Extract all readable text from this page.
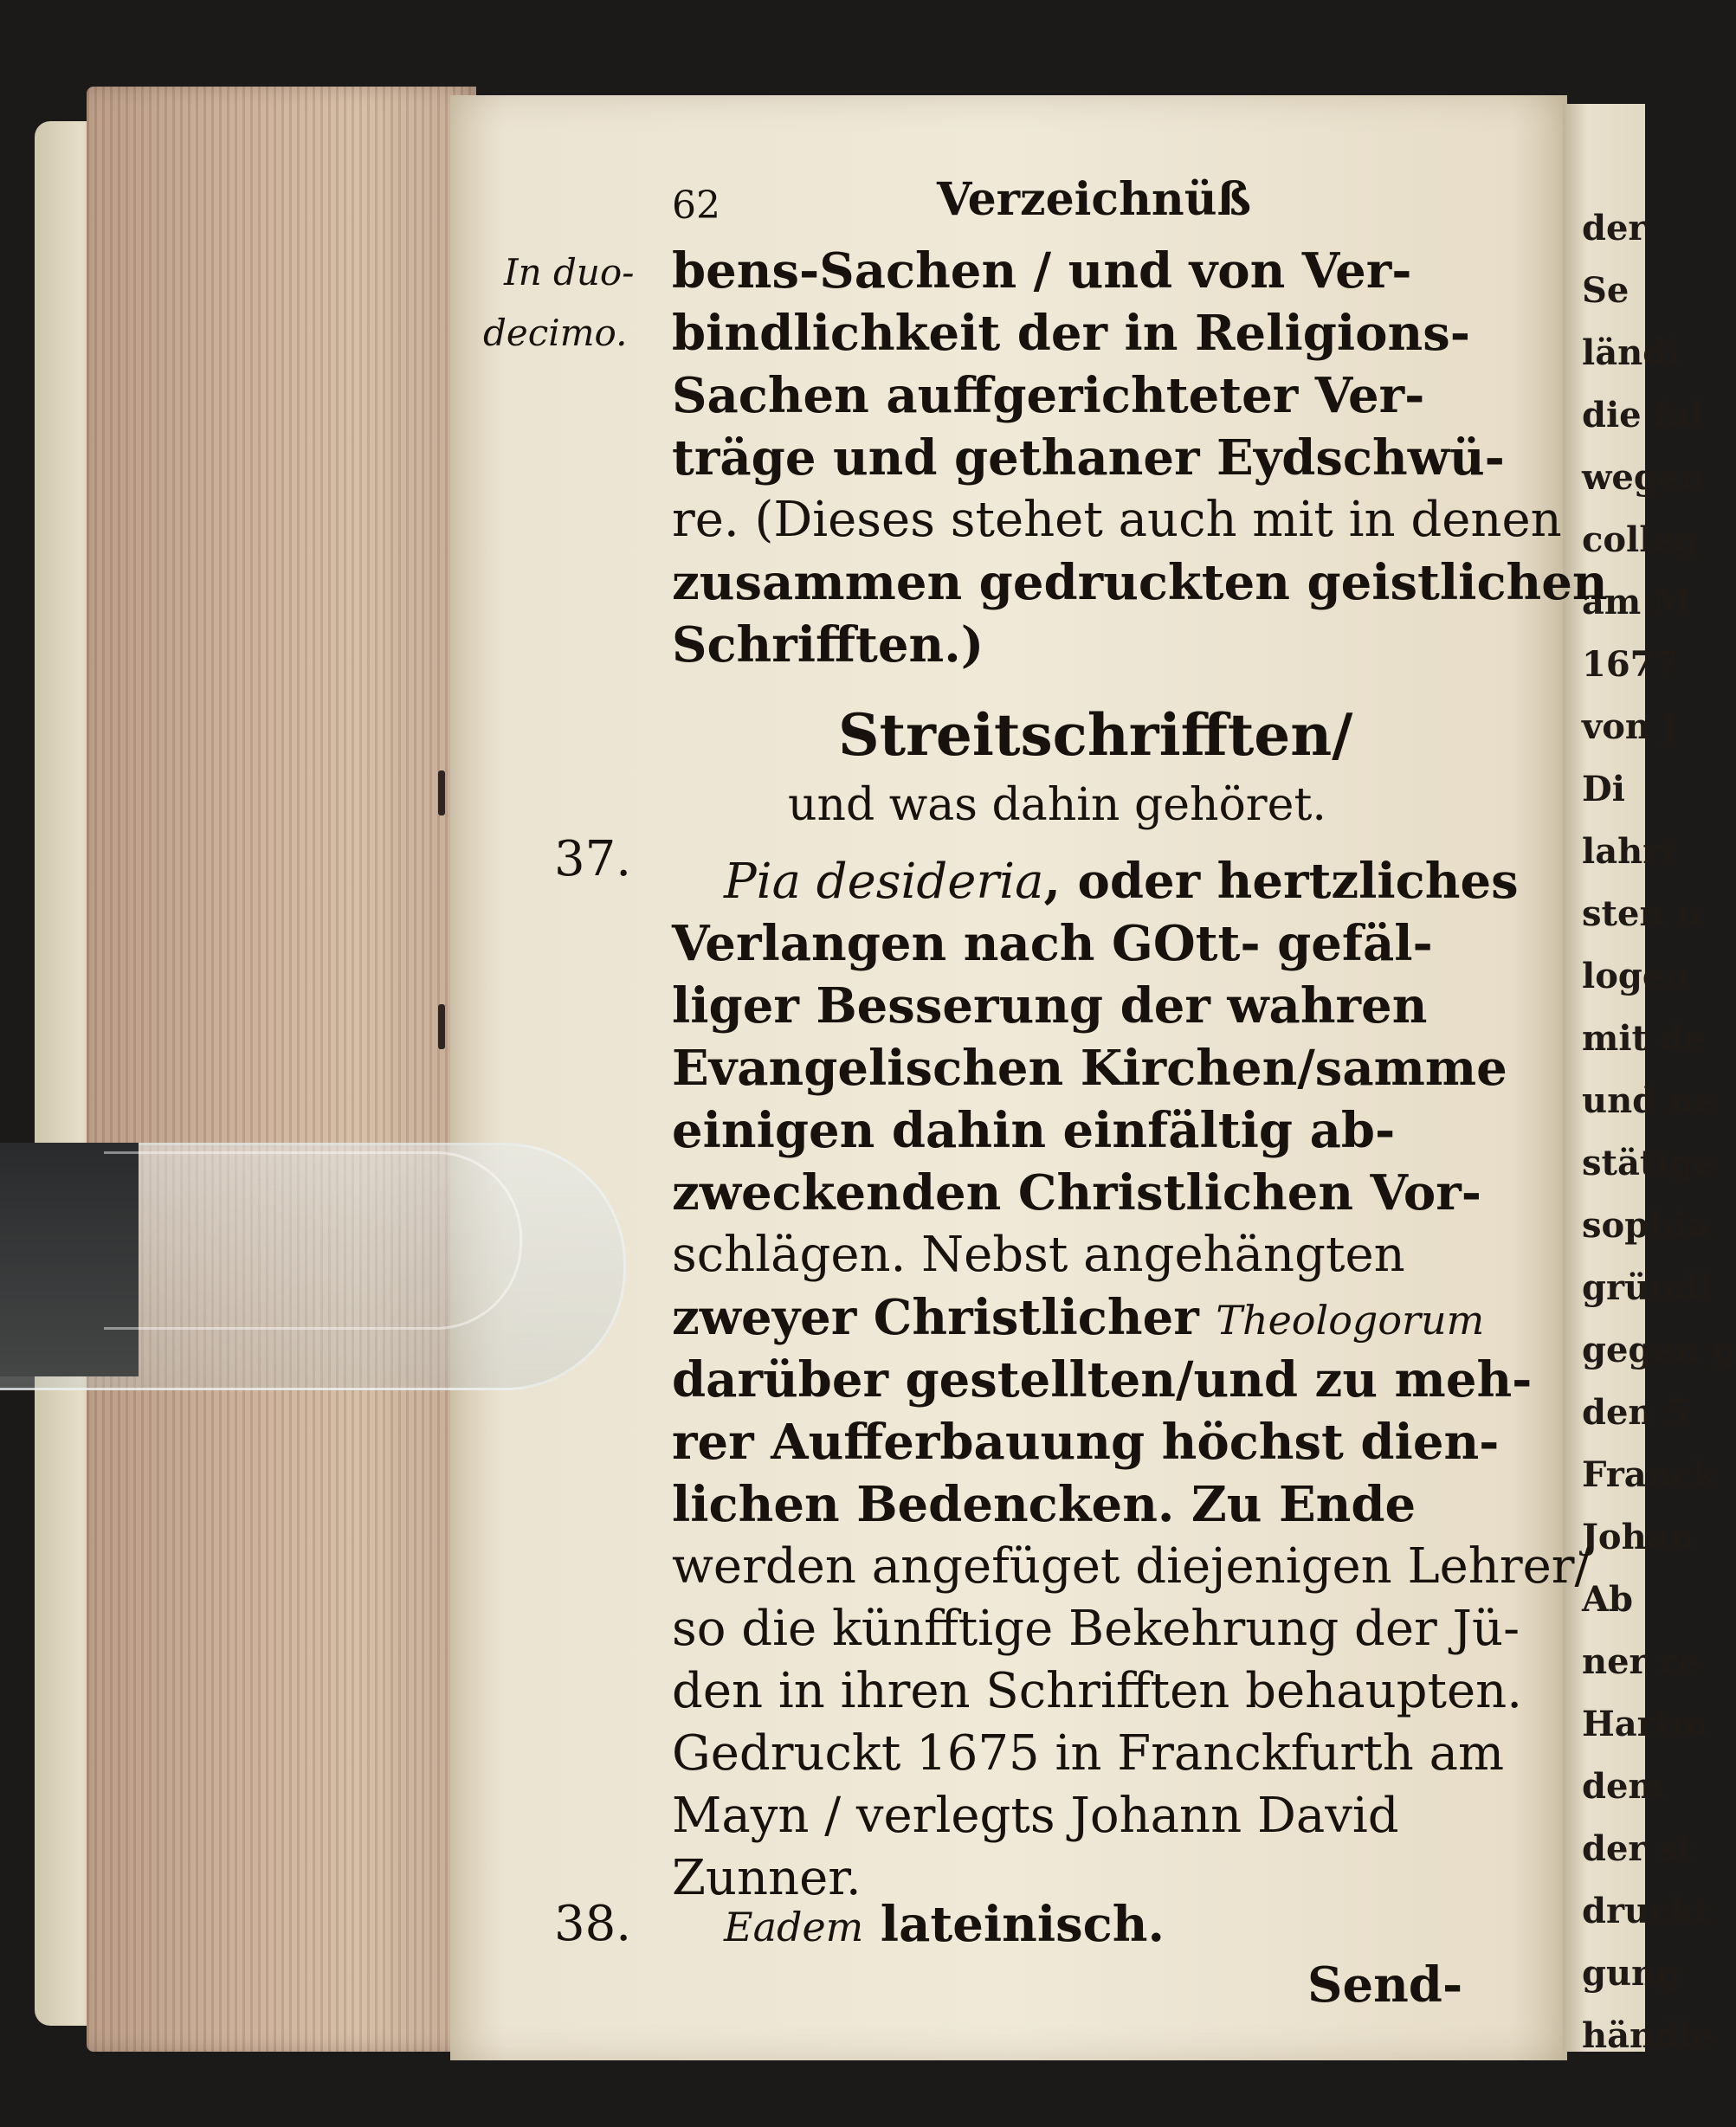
der
Se
ländi
die fal
wegen
colleg
am M
1677
von J
Di
lahrt
sten u
logen
mit de
und ne
stätige
sophia
gründl
gegen g
den 5
Franck
Johan
Ab
ner re
Hartm
dem
der st
druckt
gung
händle
62	Verzeichnüß
In duo-
decimo.
bens-Sachen / und von Ver-
bindlichkeit der in Religions-
Sachen auffgerichteter Ver-
träge und gethaner Eydschwü-
re. (Dieses stehet auch mit in denen
zusammen gedruckten geistlichen
Schrifften.)
Streitschrifften/
und was dahin gehöret.
37. Pia desideria, oder hertzliches
Verlangen nach GOtt- gefäl-
liger Besserung der wahren
Evangelischen Kirchen/samme
einigen dahin einfältig ab-
zweckenden Christlichen Vor-
schlägen. Nebst angehängten
zweyer Christlicher Theologorum
darüber gestellten/und zu meh-
rer Aufferbauung höchst dien-
lichen Bedencken. Zu Ende
werden angefüget diejenigen Lehrer/
so die künfftige Bekehrung der Jü-
den in ihren Schrifften behaupten.
Gedruckt 1675 in Franckfurth am
Mayn / verlegts Johann David
Zunner.
38. Eadem lateinisch.
Send-
